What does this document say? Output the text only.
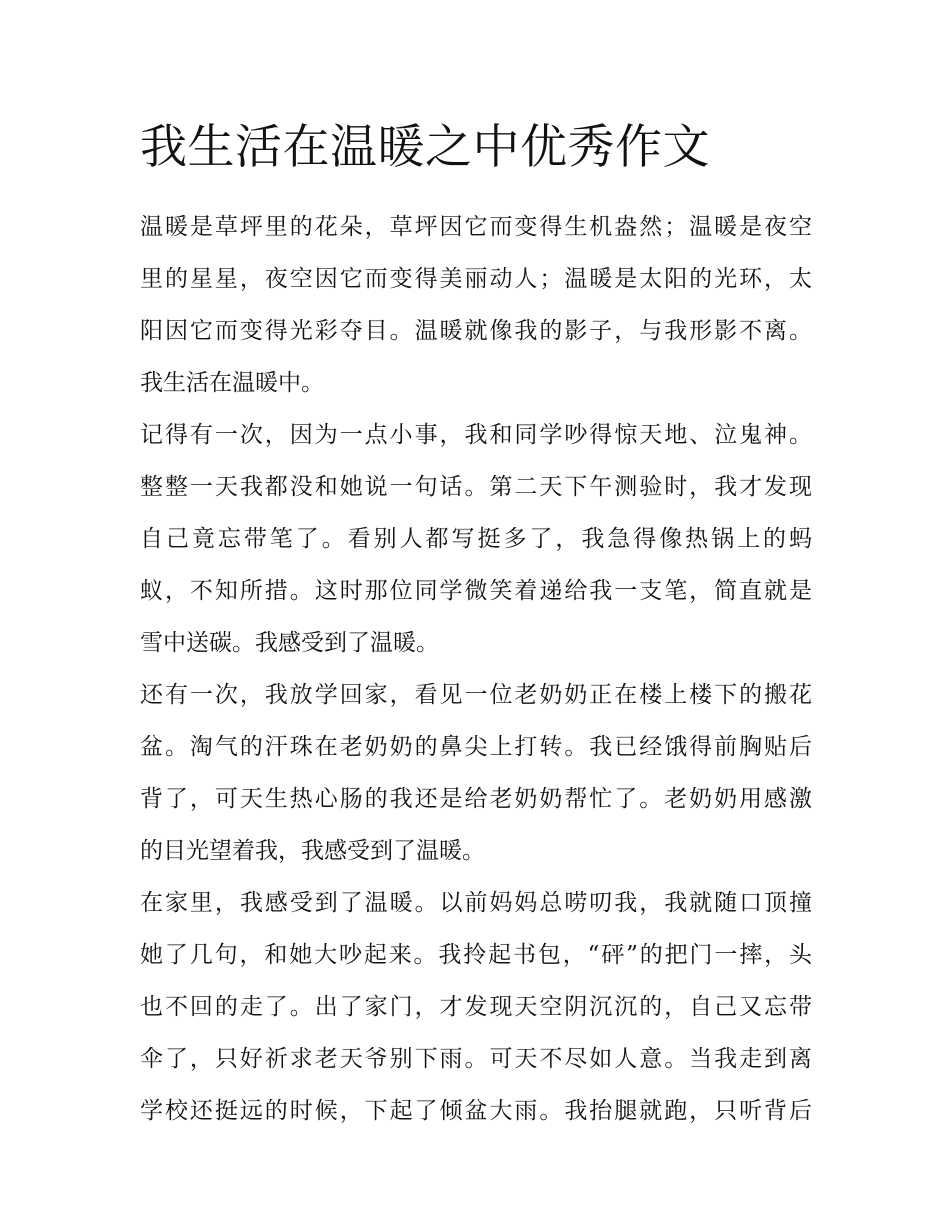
我生活在温暖之中优秀作文
温暖是草坪里的花朵，草坪因它而变得生机盎然；温暖是夜空
里的星星，夜空因它而变得美丽动人；温暖是太阳的光环，太
阳因它而变得光彩夺目。温暖就像我的影子，与我形影不离。
我生活在温暖中。
记得有一次，因为一点小事，我和同学吵得惊天地、泣鬼神。
整整一天我都没和她说一句话。第二天下午测验时，我才发现
自己竟忘带笔了。看别人都写挺多了，我急得像热锅上的蚂
蚁，不知所措。这时那位同学微笑着递给我一支笔，简直就是
雪中送碳。我感受到了温暖。
还有一次，我放学回家，看见一位老奶奶正在楼上楼下的搬花
盆。淘气的汗珠在老奶奶的鼻尖上打转。我已经饿得前胸贴后
背了，可天生热心肠的我还是给老奶奶帮忙了。老奶奶用感激
的目光望着我，我感受到了温暖。
在家里，我感受到了温暖。以前妈妈总唠叨我，我就随口顶撞
她了几句，和她大吵起来。我拎起书包，“砰”的把门一摔，头
也不回的走了。出了家门，才发现天空阴沉沉的，自己又忘带
伞了，只好祈求老天爷别下雨。可天不尽如人意。当我走到离
学校还挺远的时候，下起了倾盆大雨。我抬腿就跑，只听背后
